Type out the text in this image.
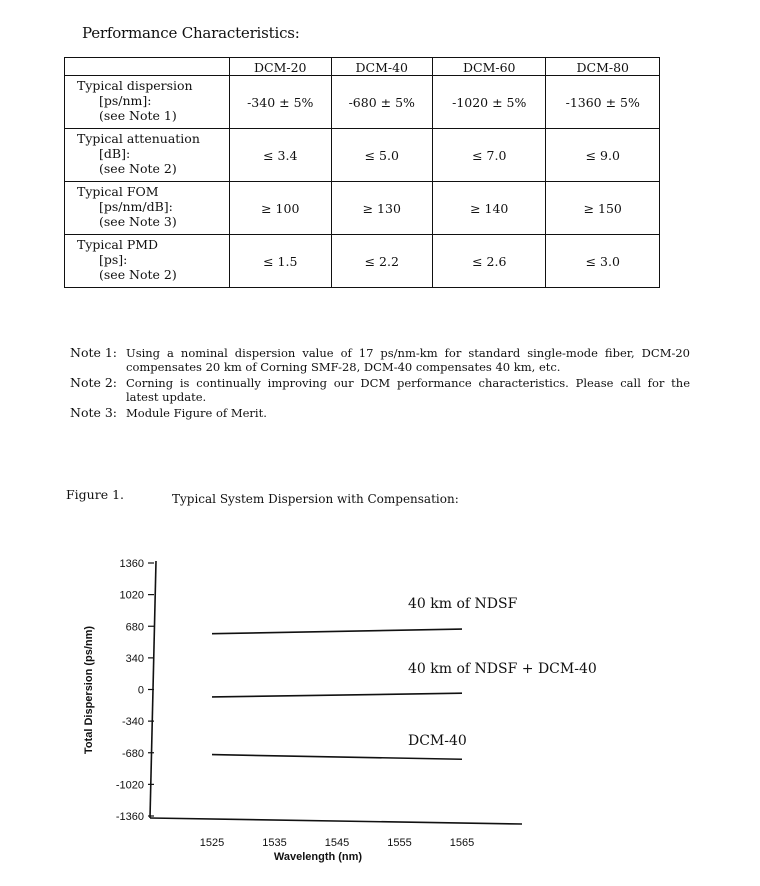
Performance Characteristics:
	DCM-20	DCM-40	DCM-60	DCM-80

Typical dispersion
[ps/nm]:
(see Note 1)	-340 ± 5%	-680 ± 5%	-1020 ± 5%	-1360 ± 5%

Typical attenuation
[dB]:
(see Note 2)	≤ 3.4	≤ 5.0	≤ 7.0	≤ 9.0

Typical FOM
[ps/nm/dB]:
(see Note 3)	≥ 100	≥ 130	≥ 140	≥ 150

Typical PMD
[ps]:
(see Note 2)	≤ 1.5	≤ 2.2	≤ 2.6	≤ 3.0
Note 1: Using a nominal dispersion value of 17 ps/nm-km for standard single-mode fiber, DCM-20 compensates 20 km of Corning SMF-28, DCM-40 compensates 40 km, etc.
Note 2: Corning is continually improving our DCM performance characteristics. Please call for the latest update.
Note 3: Module Figure of Merit.
Figure 1.	Typical System Dispersion with Compensation:
1360
1020
680
340
0
-340
-680
-1020
-1360
1525	1535	1545	1555	1565
40 km of NDSF
40 km of NDSF + DCM-40
DCM-40
Total Dispersion (ps/nm)
Wavelength (nm)
